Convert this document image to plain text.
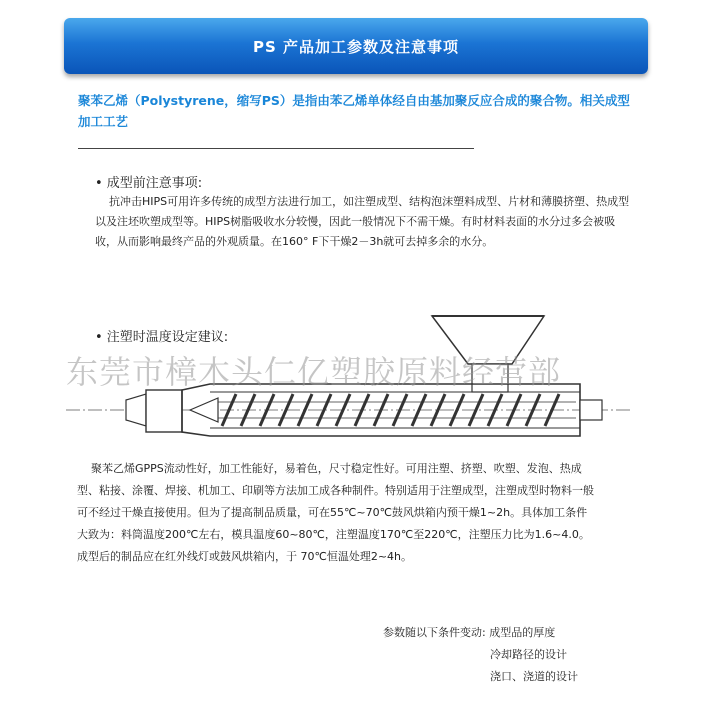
PS 产品加工参数及注意事项
聚苯乙烯（Polystyrene，缩写PS）是指由苯乙烯单体经自由基加聚反应合成的聚合物。相关成型加工工艺
• 成型前注意事项:
抗冲击HIPS可用许多传统的成型方法进行加工，如注塑成型、结构泡沫塑料成型、片材和薄膜挤塑、热成型以及注坯吹塑成型等。HIPS树脂吸收水分较慢，因此一般情况下不需干燥。有时材料表面的水分过多会被吸收，从而影响最终产品的外观质量。在160° F下干燥2－3h就可去掉多余的水分。
• 注塑时温度设定建议:
东莞市樟木头仁亿塑胶原料经营部
聚苯乙烯GPPS流动性好，加工性能好，易着色，尺寸稳定性好。可用注塑、挤塑、吹塑、发泡、热成型、粘接、涂覆、焊接、机加工、印刷等方法加工成各种制件。特别适用于注塑成型，注塑成型时物料一般可不经过干燥直接使用。但为了提高制品质量，可在55℃~70℃鼓风烘箱内预干燥1~2h。具体加工条件大致为：料筒温度200℃左右，模具温度60~80℃，注塑温度170℃至220℃，注塑压力比为1.6~4.0。成型后的制品应在红外线灯或鼓风烘箱内，于 70℃恒温处理2~4h。
参数随以下条件变动: 成型品的厚度
冷却路径的设计
浇口、浇道的设计
